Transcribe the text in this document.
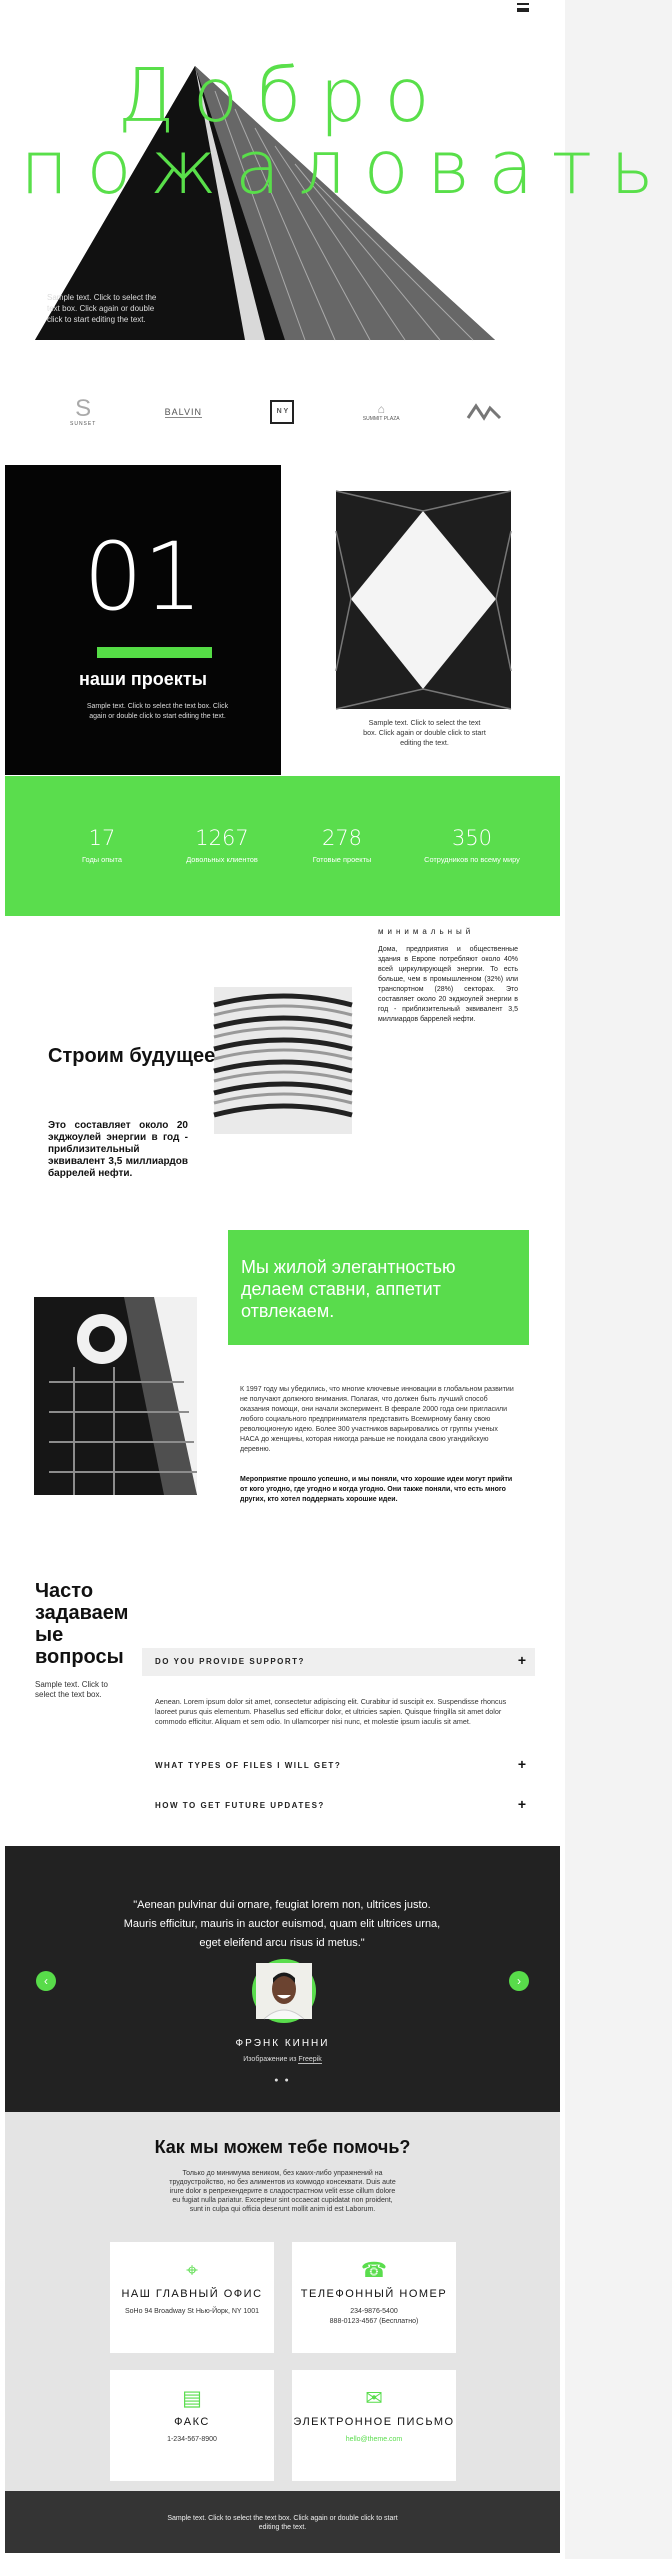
Добро пожаловать

Sample text. Click to select the text box. Click again or double click to start editing the text.

S
SUNSET
BALVIN	N Y	⌂
SUMMIT PLAZA
01
наши проекты

Sample text. Click to select the text box. Click again or double click to start editing the text.

Sample text. Click to select the text box. Click again or double click to start editing the text.

17
Годы опыта
1267
Довольных клиентов
278
Готовые проекты
350
Сотрудников по всему миру
минимальный

Дома, предприятия и общественные здания в Европе потребляют около 40% всей циркулирующей энергии. То есть больше, чем в промышленном (32%) или транспортном (28%) секторах. Это составляет около 20 экджоулей энергии в год - приблизительный эквивалент 3,5 миллиардов баррелей нефти.

Строим будущее

Это составляет около 20 экджоулей энергии в год - приблизительный эквивалент 3,5 миллиардов баррелей нефти.

Мы жилой элегантностью делаем ставни, аппетит отвлекаем.

К 1997 году мы убедились, что многие ключевые инновации в глобальном развитии не получают должного внимания. Полагая, что должен быть лучший способ оказания помощи, они начали эксперимент. В феврале 2000 года они пригласили любого социального предпринимателя представить Всемирному банку свою революционную идею. Более 300 участников варьировались от группы ученых НАСА до женщины, которая никогда раньше не покидала свою угандийскую деревню.

Мероприятие прошло успешно, и мы поняли, что хорошие идеи могут прийти от кого угодно, где угодно и когда угодно. Они также поняли, что есть много других, кто хотел поддержать хорошие идеи.

Часто
задаваем
ые
вопросы

Sample text. Click to select the text box.

DO YOU PROVIDE SUPPORT?	+

Aenean. Lorem ipsum dolor sit amet, consectetur adipiscing elit. Curabitur id suscipit ex. Suspendisse rhoncus laoreet purus quis elementum. Phasellus sed efficitur dolor, et ultricies sapien. Quisque fringilla sit amet dolor commodo efficitur. Aliquam et sem odio. In ullamcorper nisi nunc, et molestie ipsum iaculis sit amet.

WHAT TYPES OF FILES I WILL GET?	+
HOW TO GET FUTURE UPDATES?	+

"Aenean pulvinar dui ornare, feugiat lorem non, ultrices justo. Mauris efficitur, mauris in auctor euismod, quam elit ultrices urna, eget eleifend arcu risus id metus."

‹	›
ФРЭНК КИННИ
Изображение из Freepik
● ●
Как мы можем тебе помочь?

Только до минимума веником, без каких-либо упражнений на трудоустройство, но без алиментов из коммодо консеквати. Duis aute irure dolor в репрехендерите в сладострастном velit esse cillum dolore eu fugiat nulla pariatur. Excepteur sint occaecat cupidatat non proident, sunt in culpa qui officia deserunt mollit anim id est Laborum.

⌖
НАШ ГЛАВНЫЙ ОФИС
SoHo 94 Broadway St Нью-Йорк, NY 1001
☎
ТЕЛЕФОННЫЙ НОМЕР
234-9876-5400
888-0123-4567 (Бесплатно)
▤
ФАКС
1-234-567-8900
✉
ЭЛЕКТРОННОЕ ПИСЬМО
hello@theme.com

Sample text. Click to select the text box. Click again or double click to start editing the text.
